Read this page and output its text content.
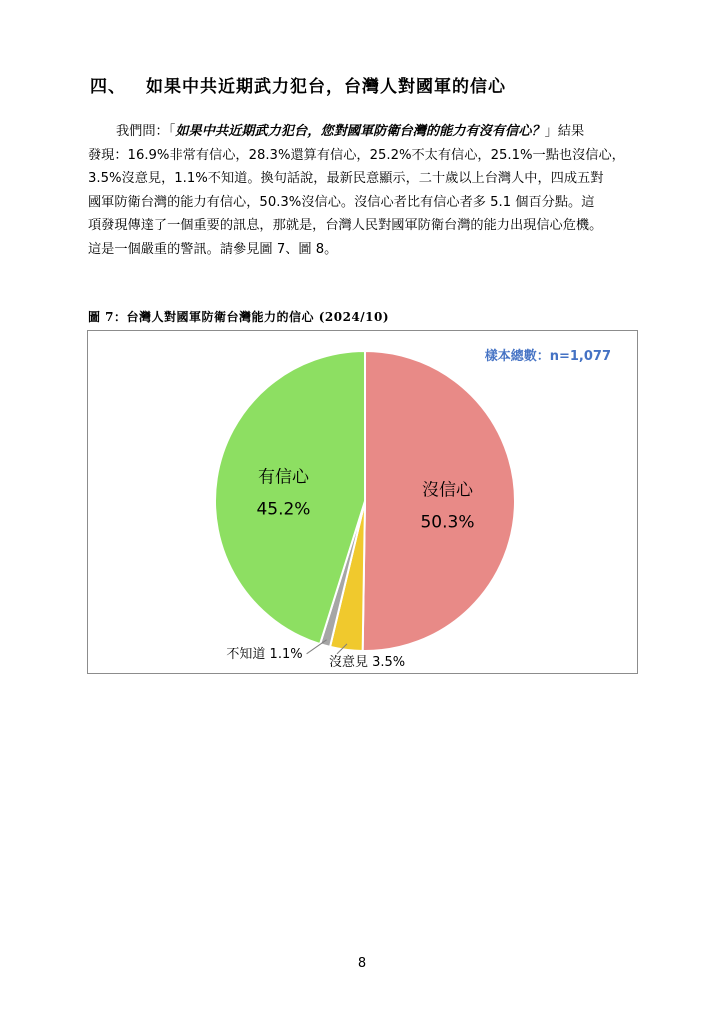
四、 如果中共近期武力犯台，台灣人對國軍的信心
我們問：「如果中共近期武力犯台，您對國軍防衛台灣的能力有沒有信心？」結果
發現：16.9%非常有信心，28.3%還算有信心，25.2%不太有信心，25.1%一點也沒信心，
3.5%沒意見，1.1%不知道。換句話說，最新民意顯示，二十歲以上台灣人中，四成五對
國軍防衛台灣的能力有信心，50.3%沒信心。沒信心者比有信心者多 5.1 個百分點。這
項發現傳達了一個重要的訊息，那就是，台灣人民對國軍防衛台灣的能力出現信心危機。
這是一個嚴重的警訊。請參見圖 7、圖 8。

圖 7：台灣人對國軍防衛台灣能力的信心 (2024/10)

樣本總數：n=1,077
沒信心
50.3%
有信心
45.2%
沒意見 3.5%
不知道 1.1%
8
